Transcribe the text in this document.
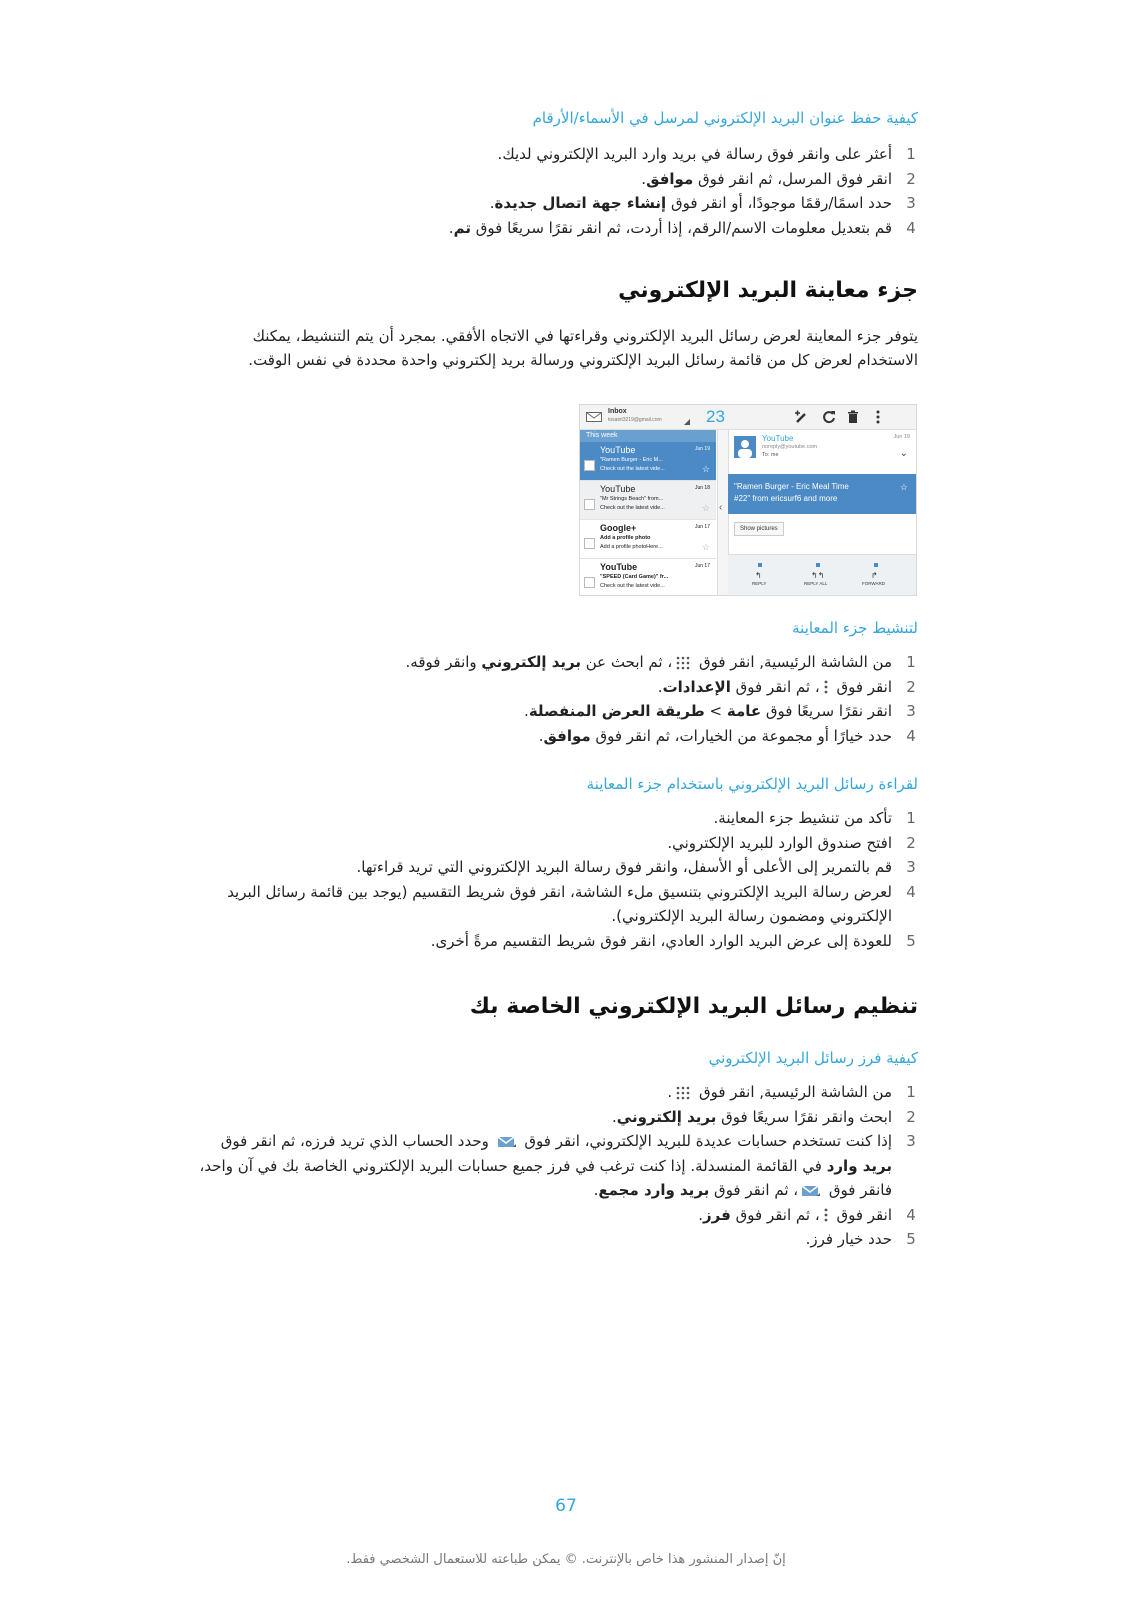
كيفية حفظ عنوان البريد الإلكتروني لمرسل في الأسماء/الأرقام
1
أعثر على وانقر فوق رسالة في بريد وارد البريد الإلكتروني لديك.
2
انقر فوق المرسل، ثم انقر فوق موافق.
3
حدد اسمًا/رقمًا موجودًا، أو انقر فوق إنشاء جهة اتصال جديدة.
4
قم بتعديل معلومات الاسم/الرقم، إذا أردت، ثم انقر نقرًا سريعًا فوق تم.
جزء معاينة البريد الإلكتروني

يتوفر جزء المعاينة لعرض رسائل البريد الإلكتروني وقراءتها في الاتجاه الأفقي. بمجرد أن يتم التنشيط، يمكنك الاستخدام لعرض كل من قائمة رسائل البريد الإلكتروني ورسالة بريد إلكتروني واحدة محددة في نفس الوقت.

Inbox
tosaint3219@gmail.com	23
This week
YouTube	Jun 19
"Ramen Burger - Eric M...
Check out the latest vide...	☆
YouTube	Jun 18
"Mr Strings Beach" from...
Check out the latest vide...	☆
Google+	Jun 17
Add a profile photo
Add a profile photoHere...	☆
YouTube	Jun 17
"SPEED (Card Game)" fr...
Check out the latest vide...
‹
YouTube
noreply@youtube.com
To: me
Jun 19
⌄
"Ramen Burger - Eric Meal Time
#22" from ericsurf6 and more
☆
Show pictures
↰	↰↰	↱
REPLY	REPLY ALL	FORWARD
لتنشيط جزء المعاينة
1
من الشاشة الرئيسية, انقر فوق ، ثم ابحث عن بريد إلكتروني وانقر فوقه.
2
انقر فوق ، ثم انقر فوق الإعدادات.
3
انقر نقرًا سريعًا فوق عامة > طريقة العرض المنفصلة.
4
حدد خيارًا أو مجموعة من الخيارات، ثم انقر فوق موافق.
لقراءة رسائل البريد الإلكتروني باستخدام جزء المعاينة
1
تأكد من تنشيط جزء المعاينة.
2
افتح صندوق الوارد للبريد الإلكتروني.
3
قم بالتمرير إلى الأعلى أو الأسفل، وانقر فوق رسالة البريد الإلكتروني التي تريد قراءتها.
4
لعرض رسالة البريد الإلكتروني بتنسيق ملء الشاشة، انقر فوق شريط التقسيم (يوجد بين قائمة رسائل البريد الإلكتروني ومضمون رسالة البريد الإلكتروني).
5
للعودة إلى عرض البريد الوارد العادي، انقر فوق شريط التقسيم مرةً أخرى.
تنظيم رسائل البريد الإلكتروني الخاصة بك
كيفية فرز رسائل البريد الإلكتروني
1
من الشاشة الرئيسية, انقر فوق .
2
ابحث وانقر نقرًا سريعًا فوق بريد إلكتروني.
3
إذا كنت تستخدم حسابات عديدة للبريد الإلكتروني، انقر فوق  وحدد الحساب الذي تريد فرزه، ثم انقر فوق بريد وارد في القائمة المنسدلة. إذا كنت ترغب في فرز جميع حسابات البريد الإلكتروني الخاصة بك في آن واحد، فانقر فوق ، ثم انقر فوق بريد وارد مجمع.
4
انقر فوق ، ثم انقر فوق فرز.
5
حدد خيار فرز.
67
إنّ إصدار المنشور هذا خاص بالإنترنت. © يمكن طباعته للاستعمال الشخصي فقط.
